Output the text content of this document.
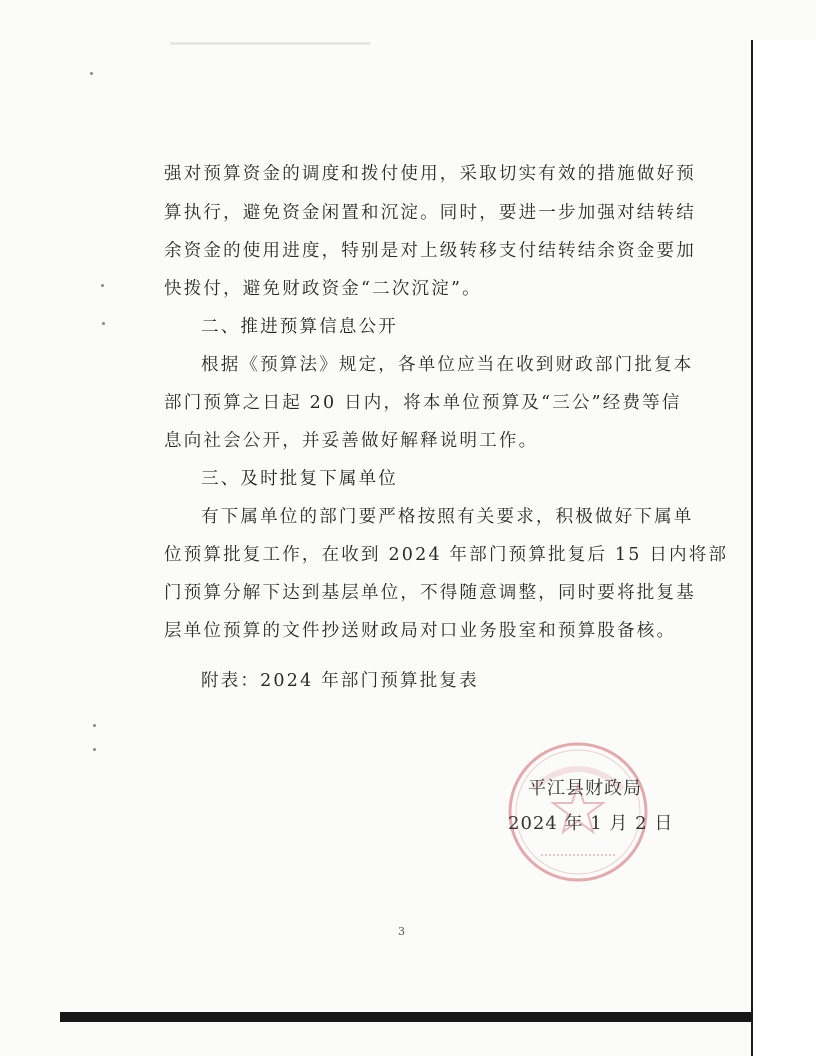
强对预算资金的调度和拨付使用，采取切实有效的措施做好预
算执行，避免资金闲置和沉淀。同时，要进一步加强对结转结
余资金的使用进度，特别是对上级转移支付结转结余资金要加
快拨付，避免财政资金“二次沉淀”。
二、推进预算信息公开
根据《预算法》规定，各单位应当在收到财政部门批复本
部门预算之日起 20 日内，将本单位预算及“三公”经费等信
息向社会公开，并妥善做好解释说明工作。
三、及时批复下属单位
有下属单位的部门要严格按照有关要求，积极做好下属单
位预算批复工作，在收到 2024 年部门预算批复后 15 日内将部
门预算分解下达到基层单位，不得随意调整，同时要将批复基
层单位预算的文件抄送财政局对口业务股室和预算股备核。
附表：2024 年部门预算批复表
平江县财政局
2024 年 1 月 2 日
3
